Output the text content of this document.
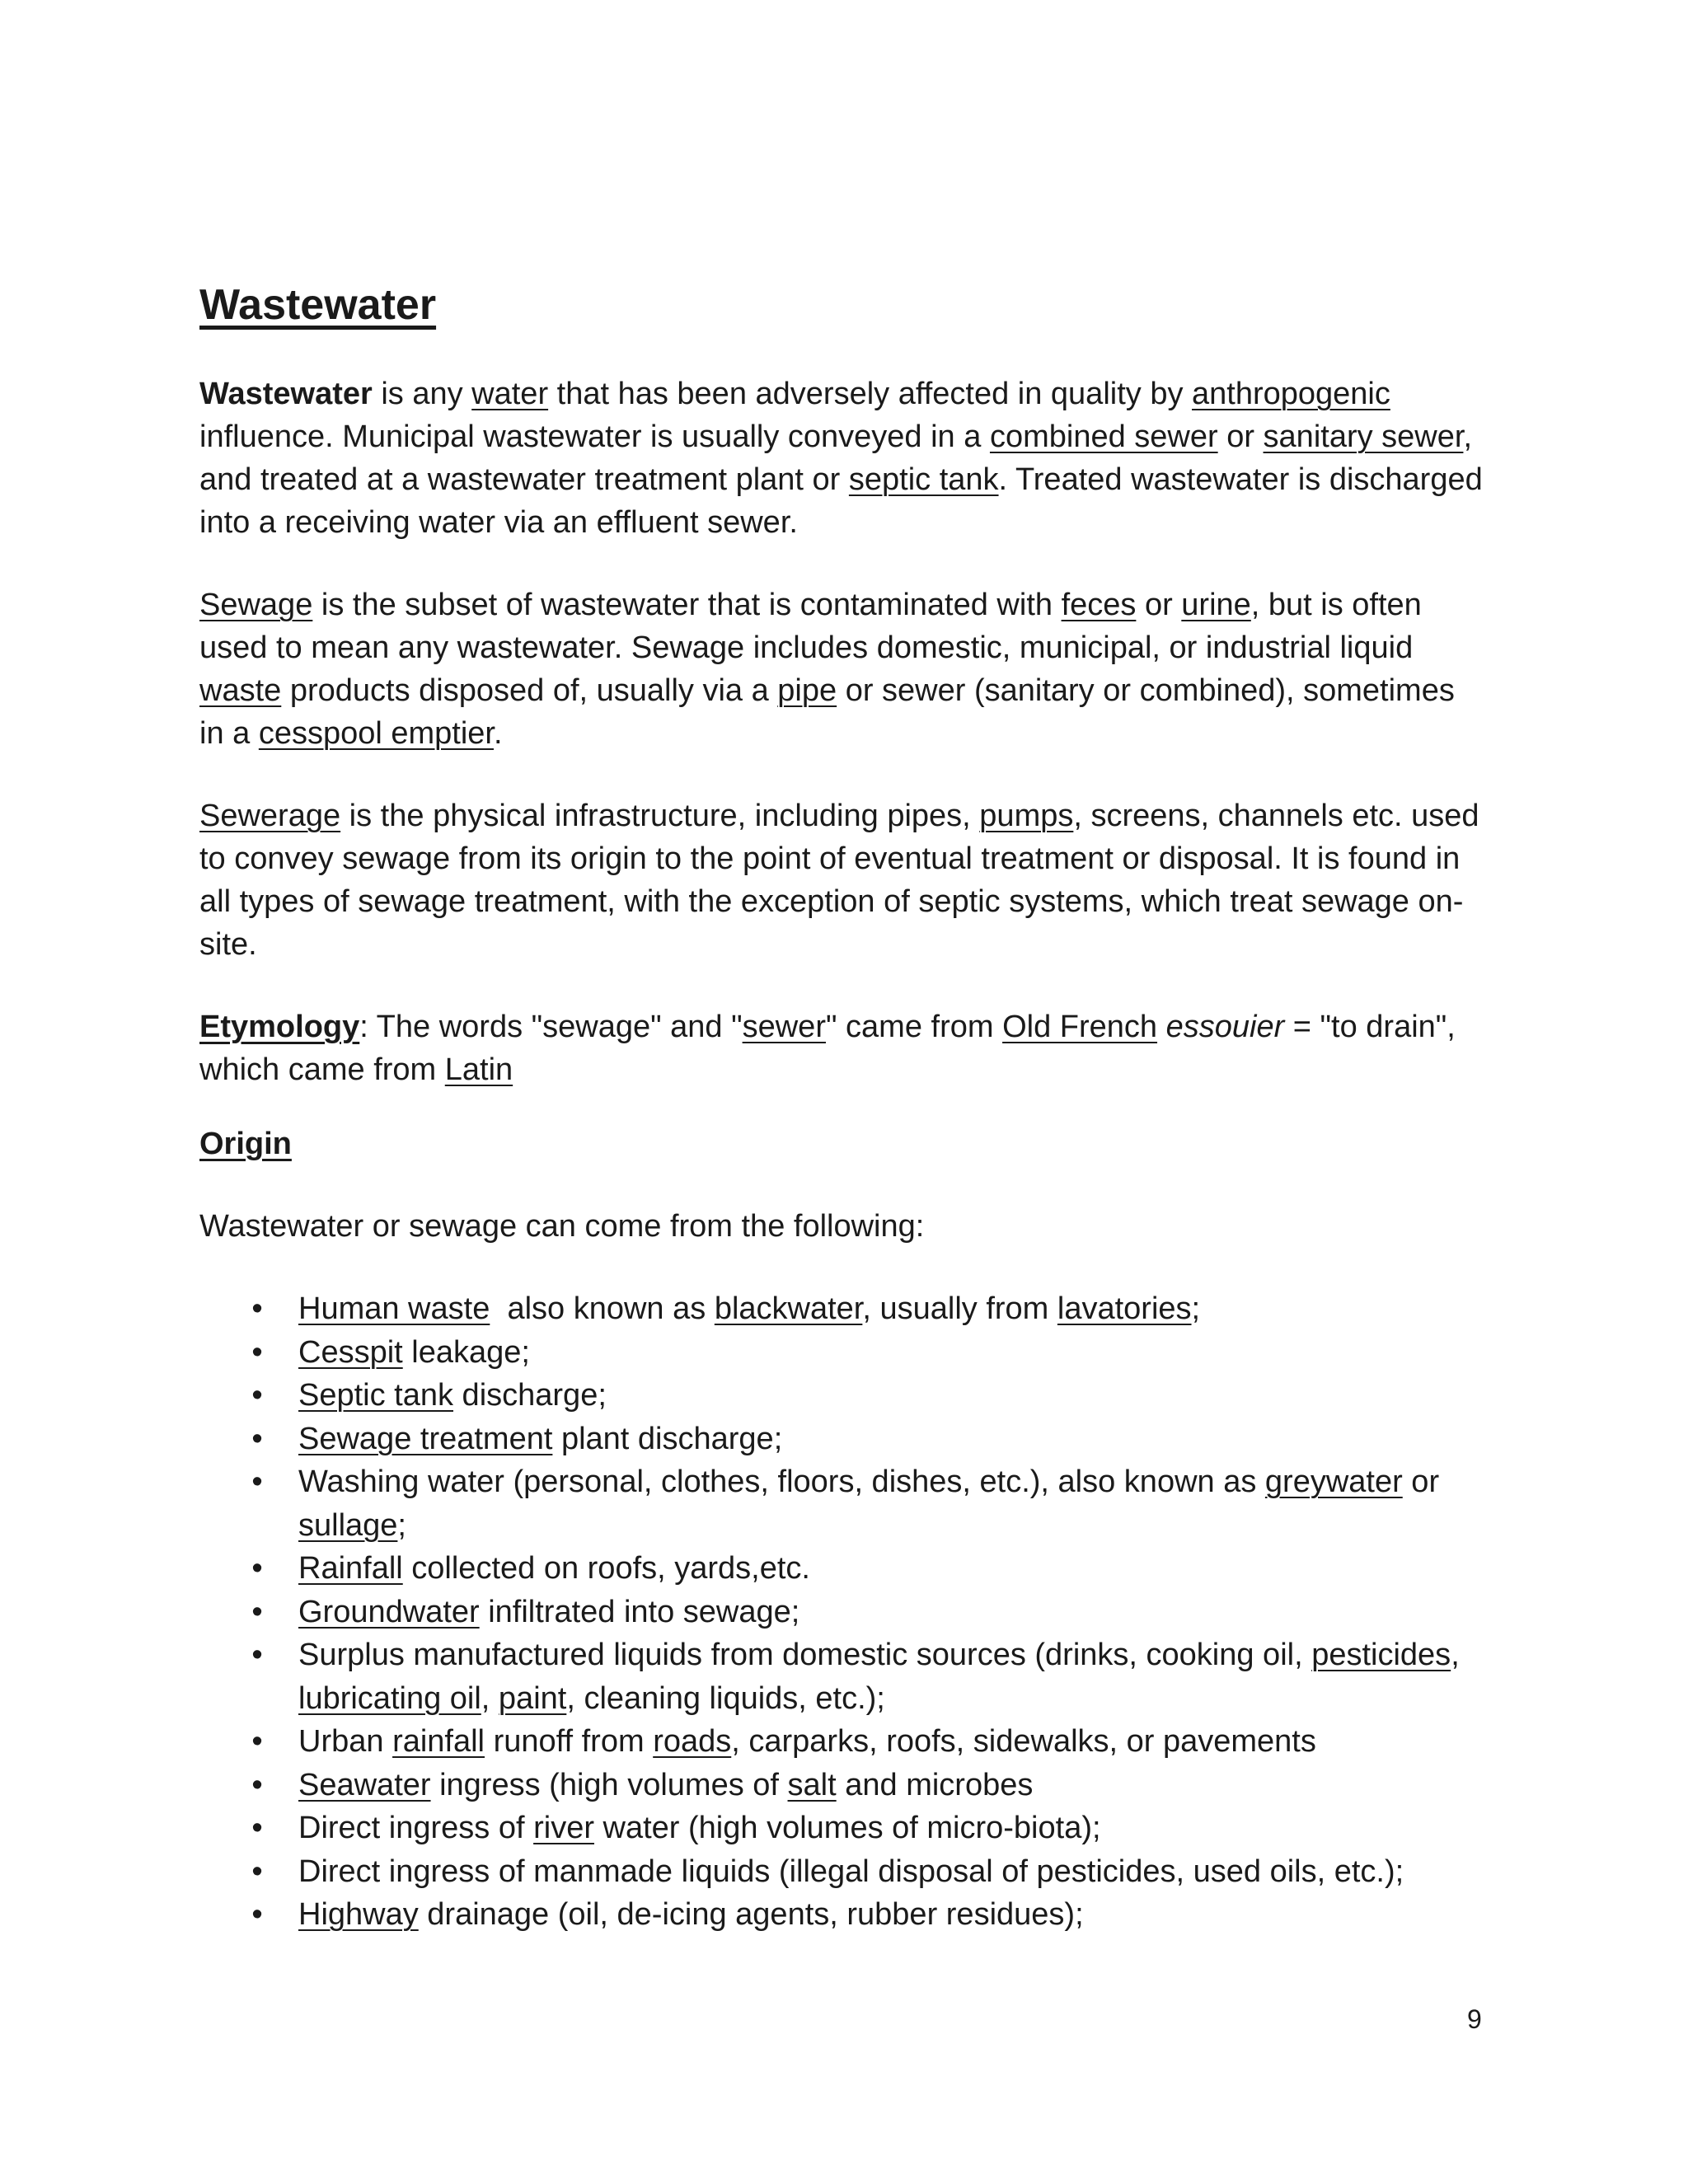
Wastewater

Wastewater is any water that has been adversely affected in quality by anthropogenic influence. Municipal wastewater is usually conveyed in a combined sewer or sanitary sewer, and treated at a wastewater treatment plant or septic tank. Treated wastewater is discharged into a receiving water via an effluent sewer.

Sewage is the subset of wastewater that is contaminated with feces or urine, but is often used to mean any wastewater. Sewage includes domestic, municipal, or industrial liquid waste products disposed of, usually via a pipe or sewer (sanitary or combined), sometimes in a cesspool emptier.

Sewerage is the physical infrastructure, including pipes, pumps, screens, channels etc. used to convey sewage from its origin to the point of eventual treatment or disposal. It is found in all types of sewage treatment, with the exception of septic systems, which treat sewage on-site.

Etymology: The words "sewage" and "sewer" came from Old French essouier = "to drain", which came from Latin

Origin

Wastewater or sewage can come from the following:

• Human waste  also known as blackwater, usually from lavatories;
• Cesspit leakage;
• Septic tank discharge;
• Sewage treatment plant discharge;
• Washing water (personal, clothes, floors, dishes, etc.), also known as greywater or sullage;
• Rainfall collected on roofs, yards,etc.
• Groundwater infiltrated into sewage;
• Surplus manufactured liquids from domestic sources (drinks, cooking oil, pesticides, lubricating oil, paint, cleaning liquids, etc.);
• Urban rainfall runoff from roads, carparks, roofs, sidewalks, or pavements
• Seawater ingress (high volumes of salt and microbes
• Direct ingress of river water (high volumes of micro-biota);
• Direct ingress of manmade liquids (illegal disposal of pesticides, used oils, etc.);
• Highway drainage (oil, de-icing agents, rubber residues);
9
